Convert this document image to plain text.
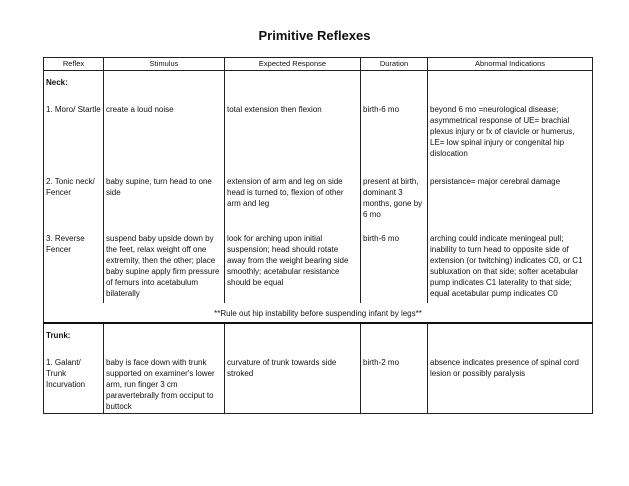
Primitive Reflexes
Reflex	Stimulus	Expected Response	Duration	Abnormal Indications
Neck:				
1. Moro/ Startle	create a loud noise	total extension then flexion	birth-6 mo	beyond 6 mo =neurological disease; asymmetrical response of UE= brachial plexus injury or fx of clavicle or humerus, LE= low spinal injury or congenital hip dislocation
2. Tonic neck/ Fencer	baby supine, turn head to one side	extension of arm and leg on side head is turned to, flexion of other arm and leg	present at birth, dominant 3 months, gone by 6 mo	persistance= major cerebral damage
3. Reverse Fencer	suspend baby upside down by the feet, relax weight off one extremity, then the other; place baby supine apply firm pressure of femurs into acetabulum bilaterally	look for arching upon initial suspension; head should rotate away from the weight bearing side smoothly; acetabular resistance should be equal	birth-6 mo	arching could indicate meningeal pull; inability to turn head to opposite side of extension (or twitching) indicates C0, or C1 subluxation on that side; softer acetabular pump indicates C1 laterality to that side; equal acetabular pump indicates C0
**Rule out hip instability before suspending infant by legs**				
Trunk:				
1. Galant/ Trunk Incurvation	baby is face down with trunk supported on examiner's lower arm, run finger 3 cm paravertebrally from occiput to buttock	curvature of trunk towards side stroked	birth-2 mo	absence indicates presence of spinal cord lesion or possibly paralysis
